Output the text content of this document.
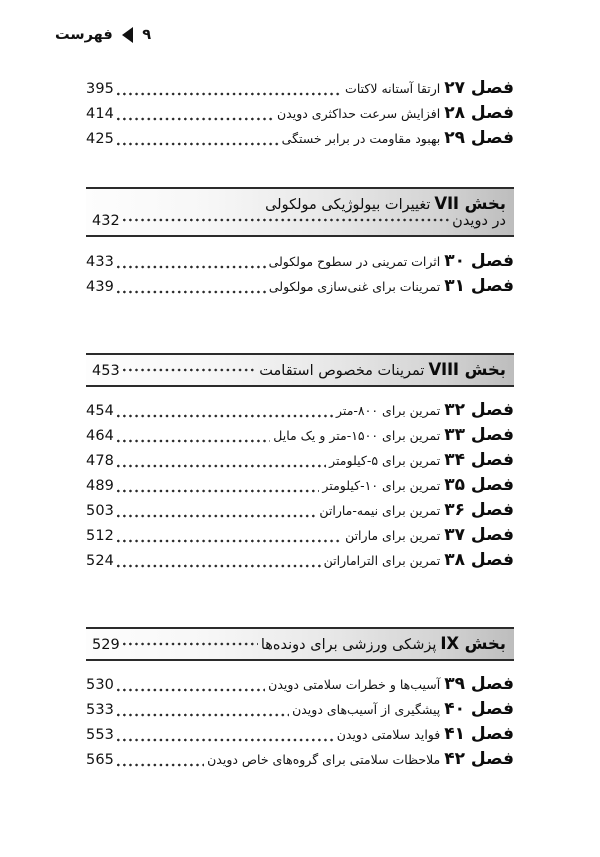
فهرست ۹
فصل ۲۷
ارتقا آستانه لاکتات
395
فصل ۲۸
افزایش سرعت حداکثری دویدن
414
فصل ۲۹
بهبود مقاومت در برابر خستگی
425
بخش VII
تغییرات بیولوژیکی مولکولی
در دویدن
432
فصل ۳۰
اثرات تمرینی در سطوح مولکولی
433
فصل ۳۱
تمرینات برای غنی‌سازی مولکولی
439
بخش VIII
تمرینات مخصوص استقامت
453
فصل ۳۲
تمرین برای ۸۰۰-متر
454
فصل ۳۳
تمرین برای ۱۵۰۰-متر و یک مایل
464
فصل ۳۴
تمرین برای ۵-کیلومتر
478
فصل ۳۵
تمرین برای ۱۰-کیلومتر
489
فصل ۳۶
تمرین برای نیمه-ماراتن
503
فصل ۳۷
تمرین برای ماراتن
512
فصل ۳۸
تمرین برای التراماراتن
524
بخش IX
پزشکی ورزشی برای دونده‌ها
529
فصل ۳۹
آسیب‌ها و خطرات سلامتی دویدن
530
فصل ۴۰
پیشگیری از آسیب‌های دویدن
533
فصل ۴۱
فواید سلامتی دویدن
553
فصل ۴۲
ملاحظات سلامتی برای گروه‌های خاص دویدن
565
